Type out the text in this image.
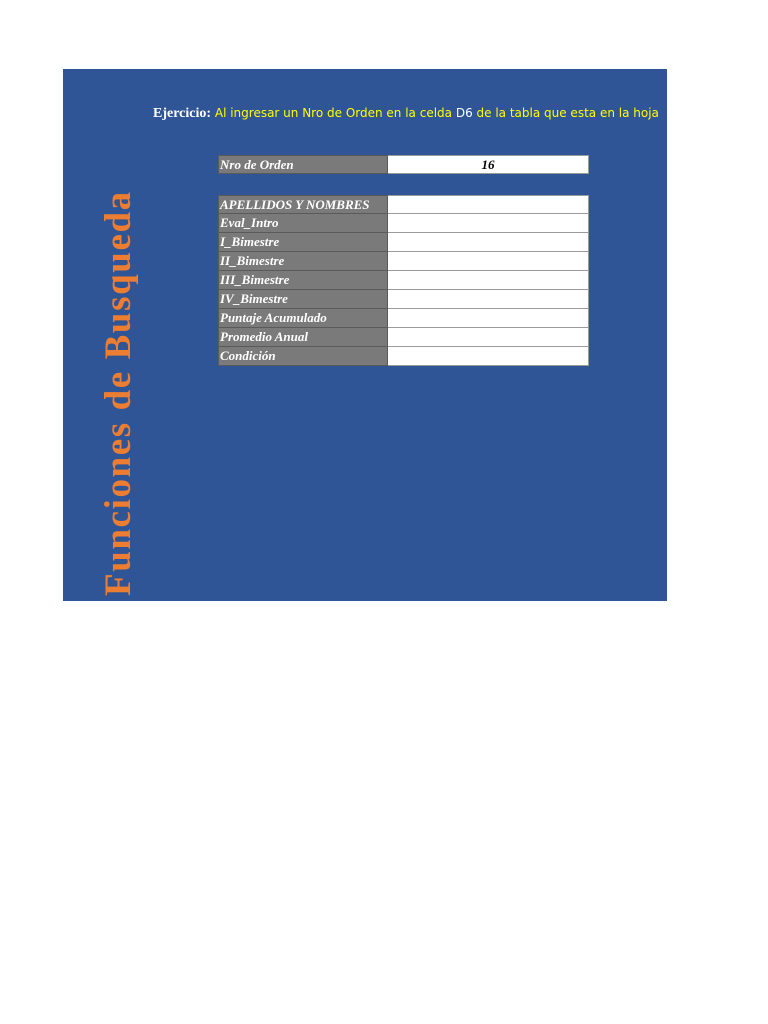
Funciones de Busqueda
Ejercicio: Al ingresar un Nro de Orden en la celda D6 de la tabla que esta en la hoja
Nro de Orden	16
APELLIDOS Y NOMBRES
Eval_Intro
I_Bimestre
II_Bimestre
III_Bimestre
IV_Bimestre
Puntaje Acumulado
Promedio Anual
Condición
